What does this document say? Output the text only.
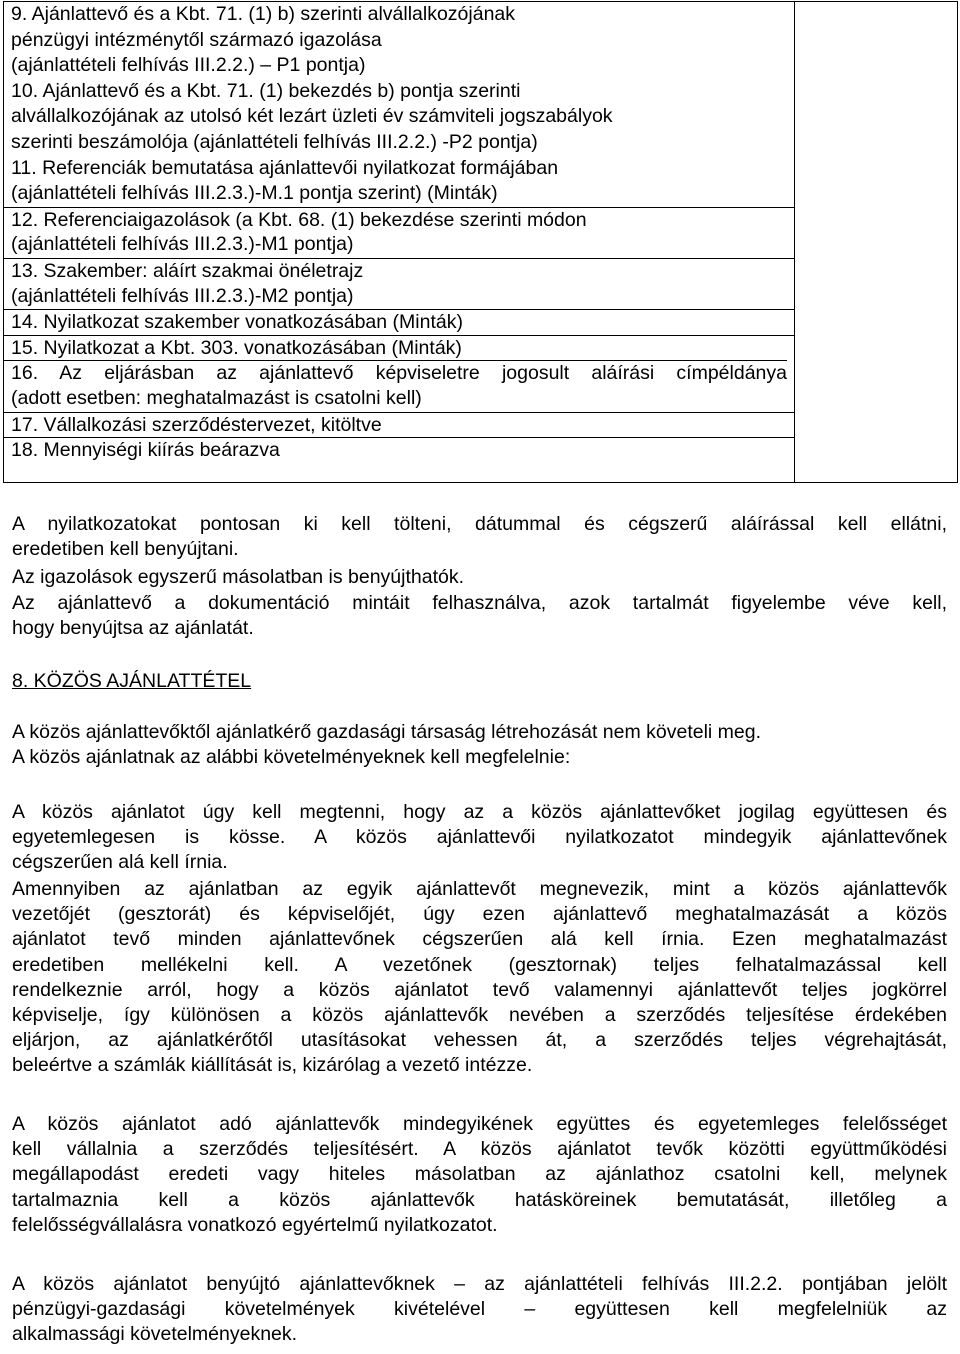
9. Ajánlattevő és a Kbt. 71. (1) b) szerinti alvállalkozójának
pénzügyi intézménytől származó igazolása
(ajánlattételi felhívás III.2.2.) – P1 pontja)
10. Ajánlattevő és a Kbt. 71. (1) bekezdés b) pontja szerinti
alvállalkozójának az utolsó két lezárt üzleti év számviteli jogszabályok
szerinti beszámolója (ajánlattételi felhívás III.2.2.) -P2 pontja)
11. Referenciák bemutatása ajánlattevői nyilatkozat formájában
(ajánlattételi felhívás III.2.3.)-M.1 pontja szerint) (Minták)
12. Referenciaigazolások (a Kbt. 68. (1) bekezdése szerinti módon
(ajánlattételi felhívás III.2.3.)-M1 pontja)
13. Szakember: aláírt szakmai önéletrajz
(ajánlattételi felhívás III.2.3.)-M2 pontja)
14. Nyilatkozat szakember vonatkozásában (Minták)
15. Nyilatkozat a Kbt. 303. vonatkozásában (Minták)
16. Az eljárásban az ajánlattevő képviseletre jogosult aláírási címpéldánya
(adott esetben: meghatalmazást is csatolni kell)
17. Vállalkozási szerződéstervezet, kitöltve
18. Mennyiségi kiírás beárazva

A nyilatkozatokat pontosan ki kell tölteni, dátummal és cégszerű aláírással kell ellátni,
eredetiben kell benyújtani.
Az igazolások egyszerű másolatban is benyújthatók.
Az ajánlattevő a dokumentáció mintáit felhasználva, azok tartalmát figyelembe véve kell,
hogy benyújtsa az ajánlatát.
8. KÖZÖS AJÁNLATTÉTEL
A közös ajánlattevőktől ajánlatkérő gazdasági társaság létrehozását nem követeli meg.
A közös ajánlatnak az alábbi követelményeknek kell megfelelnie:
A közös ajánlatot úgy kell megtenni, hogy az a közös ajánlattevőket jogilag együttesen és
egyetemlegesen is kösse. A közös ajánlattevői nyilatkozatot mindegyik ajánlattevőnek
cégszerűen alá kell írnia.
Amennyiben az ajánlatban az egyik ajánlattevőt megnevezik, mint a közös ajánlattevők
vezetőjét (gesztorát) és képviselőjét, úgy ezen ajánlattevő meghatalmazását a közös
ajánlatot tevő minden ajánlattevőnek cégszerűen alá kell írnia. Ezen meghatalmazást
eredetiben mellékelni kell. A vezetőnek (gesztornak) teljes felhatalmazással kell
rendelkeznie arról, hogy a közös ajánlatot tevő valamennyi ajánlattevőt teljes jogkörrel
képviselje, így különösen a közös ajánlattevők nevében a szerződés teljesítése érdekében
eljárjon, az ajánlatkérőtől utasításokat vehessen át, a szerződés teljes végrehajtását,
beleértve a számlák kiállítását is, kizárólag a vezető intézze.
A közös ajánlatot adó ajánlattevők mindegyikének együttes és egyetemleges felelősséget
kell vállalnia a szerződés teljesítésért. A közös ajánlatot tevők közötti együttműködési
megállapodást eredeti vagy hiteles másolatban az ajánlathoz csatolni kell, melynek
tartalmaznia kell a közös ajánlattevők hatásköreinek bemutatását, illetőleg a
felelősségvállalásra vonatkozó egyértelmű nyilatkozatot.
A közös ajánlatot benyújtó ajánlattevőknek – az ajánlattételi felhívás III.2.2. pontjában jelölt
pénzügyi-gazdasági követelmények kivételével – együttesen kell megfelelniük az
alkalmassági követelményeknek.
